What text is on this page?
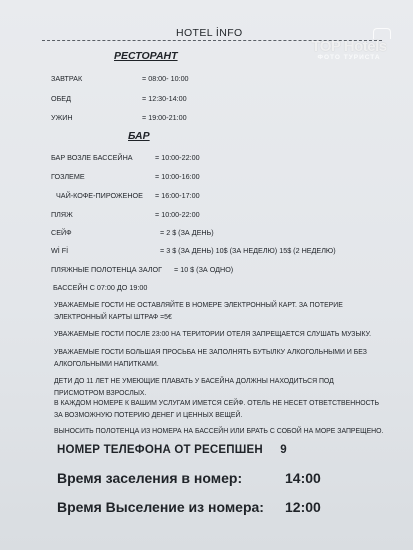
TOP Hotels
ФОТО ТУРИСТА
HOTEL İNFO
РЕСТОРАНТ
ЗАВТРАК	= 08:00- 10:00
ОБЕД	= 12:30-14:00
УЖИН	= 19:00-21:00
БАР
БАР ВОЗЛЕ БАССЕЙНА	= 10:00-22:00
ГОЗЛЕМЕ	= 10:00-16:00
ЧАЙ-КОФЕ-ПИРОЖЕНОЕ = 16:00-17:00
ПЛЯЖ	= 10:00-22:00
СЕЙФ	= 2 $ (ЗА ДЕНЬ)
Wİ Fİ	= 3 $ (ЗА ДЕНЬ) 10$ (ЗА НЕДЕЛЮ) 15$ (2 НЕДЕЛЮ)
ПЛЯЖНЫЕ ПОЛОТЕНЦА ЗАЛОГ = 10 $ (ЗА ОДНО)
БАССЕЙН С 07:00 ДО 19:00
УВАЖАЕМЫЕ ГОСТИ НЕ ОСТАВЛЯЙТЕ В НОМЕРЕ ЭЛЕКТРОННЫЙ КАРТ. ЗА ПОТЕРИЕ ЭЛЕКТРОННЫЙ КАРТЫ ШТРАФ =5€
УВАЖАЕМЫЕ ГОСТИ ПОСЛЕ 23:00 НА ТЕРИТОРИИ ОТЕЛЯ ЗАПРЕЩАЕТСЯ СЛУШАТЬ МУЗЫКУ.
УВАЖАЕМЫЕ ГОСТИ БОЛЬШАЯ ПРОСЬБА НЕ ЗАПОЛНЯТЬ БУТЫЛКУ АЛКОГОЛЬНЫМИ И БЕЗ АЛКОГОЛЬНЫМИ НАПИТКАМИ.
ДЕТИ ДО 11 ЛЕТ НЕ УМЕЮЩИЕ ПЛАВАТЬ У БАСЕЙНА ДОЛЖНЫ НАХОДИТЬСЯ ПОД ПРИСМОТРОМ ВЗРОСЛЫХ.
В КАЖДОМ НОМЕРЕ К ВАШИМ УСЛУГАМ ИМЕТСЯ СЕЙФ. ОТЕЛЬ НЕ НЕСЕТ ОТВЕТСТВЕННОСТЬ ЗА ВОЗМОЖНУЮ ПОТЕРИЮ ДЕНЕГ И ЦЕННЫХ ВЕЩЕЙ.
ВЫНОСИТЬ ПОЛОТЕНЦА ИЗ НОМЕРА НА БАССЕЙН ИЛИ БРАТЬ С СОБОЙ НА МОРЕ ЗАПРЕЩЕНО.
НОМЕР ТЕЛЕФОНА ОТ РЕСЕПШЕН 9
Время заселения в номер:	14:00
Время Выселение из номера: 12:00
